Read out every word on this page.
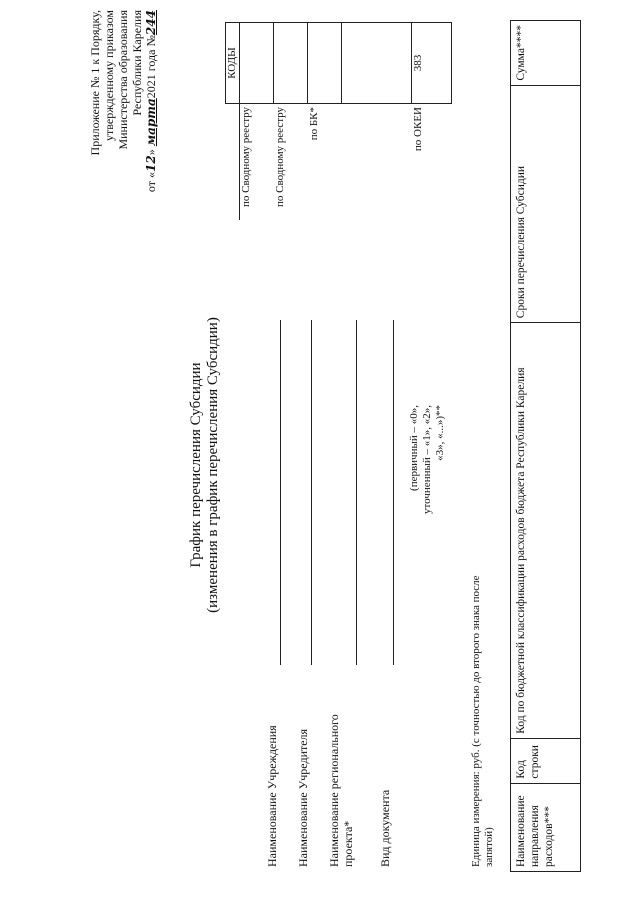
Приложение № 1 к Порядку, утвержденному приказом Министерства образования Республики Карелия
от «12» марта2021 года №244
	КОДЫ
по Сводному реестру	
по Сводному реестру	
по БК*	

по ОКЕИ	383
График перечисления Субсидии (изменения в график перечисления Субсидии)
Наименование Учреждения Наименование Учредителя Наименование регионального проекта* Вид документа
(первичный – «0», уточненный – «1», «2», «3», «...»)**
Единица измерения: руб. (с точностью до второго знака после запятой) Наименование направления расходов***	Код строки	Код по бюджетной классификации расходов бюджета Республики Карелия	Сроки перечисления Субсидии	Сумма****
